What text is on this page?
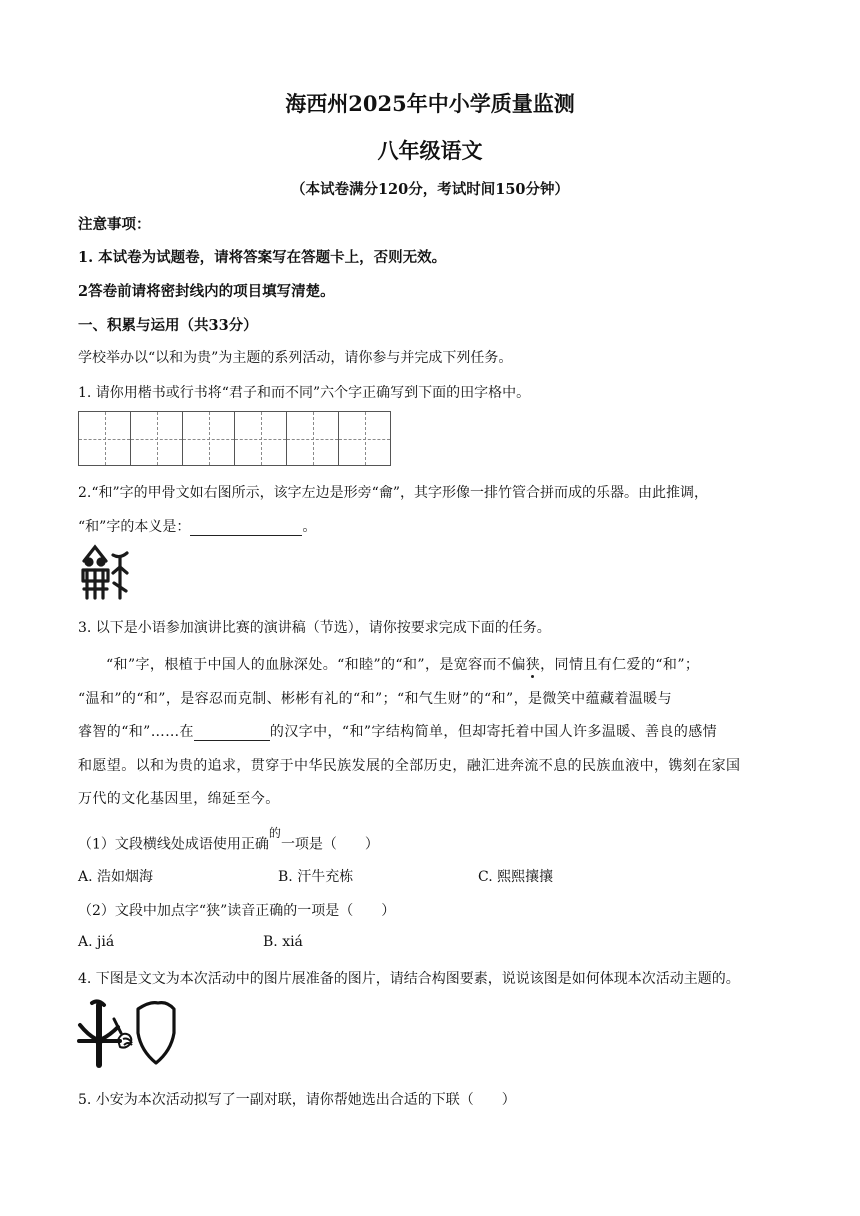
海西州2025年中小学质量监测
八年级语文
（本试卷满分120分，考试时间150分钟）
注意事项：
1. 本试卷为试题卷，请将答案写在答题卡上，否则无效。
2答卷前请将密封线内的项目填写清楚。
一、积累与运用（共33分）
学校举办以“以和为贵”为主题的系列活动，请你参与并完成下列任务。
1. 请你用楷书或行书将“君子和而不同”六个字正确写到下面的田字格中。
2.“和”字的甲骨文如右图所示，该字左边是形旁“龠”，其字形像一排竹管合拼而成的乐器。由此推调，
“和”字的本义是：	。
3. 以下是小语参加演讲比赛的演讲稿（节选），请你按要求完成下面的任务。
“和”字，根植于中国人的血脉深处。“和睦”的“和”，是宽容而不偏狭，同情且有仁爱的“和”；
“温和”的“和”，是容忍而克制、彬彬有礼的“和”；“和气生财”的“和”，是微笑中蕴藏着温暖与
睿智的“和”……在	的汉字中，“和”字结构简单，但却寄托着中国人许多温暖、善良的感情
和愿望。以和为贵的追求，贯穿于中华民族发展的全部历史，融汇进奔流不息的民族血液中，镌刻在家国
万代的文化基因里，绵延至今。
（1）文段横线处成语使用正确$^的$一项是（　　）
A. 浩如烟海	B. 汗牛充栋	C. 熙熙攘攘
（2）文段中加点字“狭”读音正确的一项是（　　）
A. jiá	B. xiá
4. 下图是文文为本次活动中的图片展准备的图片，请结合构图要素，说说该图是如何体现本次活动主题的。
5. 小安为本次活动拟写了一副对联，请你帮她选出合适的下联（　　）
